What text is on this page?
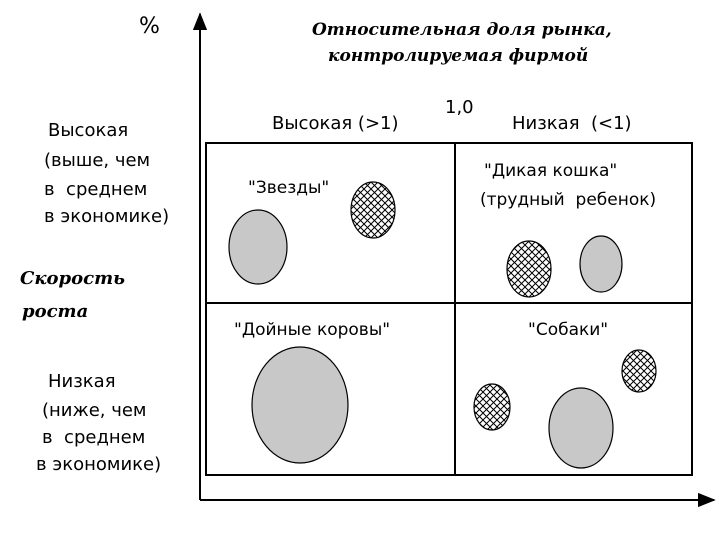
%	Относительная доля рынка,
контролируемая фирмой
Высокая (>1)
1,0
Низкая  (<1)
Высокая
(выше, чем
в  среднем
в экономике)
Скорость
роста
Низкая
(ниже, чем
в  среднем
в экономике)
"Звезды"
"Дикая кошка"
(трудный  ребенок)
"Дойные коровы"	"Собаки"
